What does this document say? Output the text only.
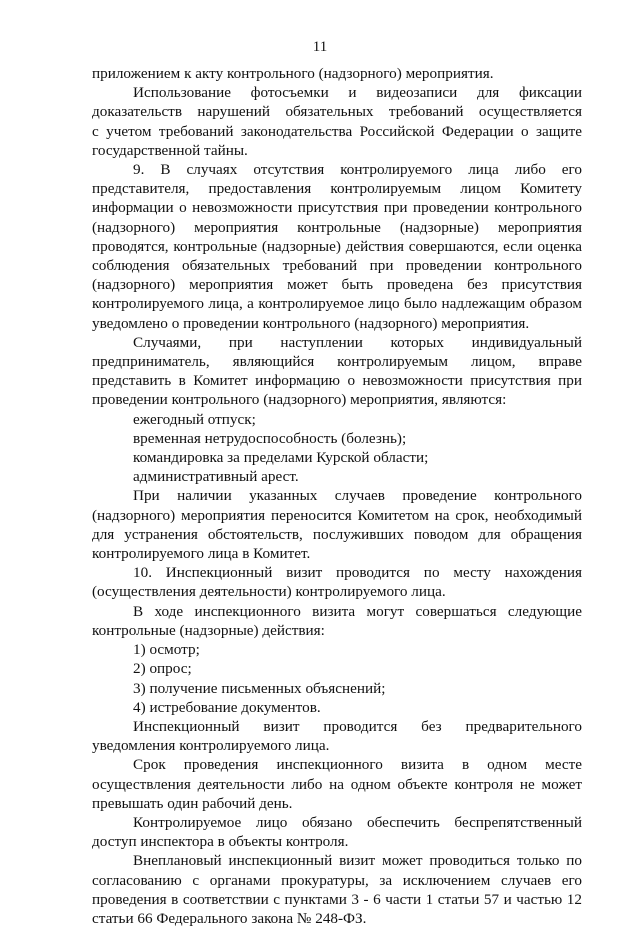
11
приложением к акту контрольного (надзорного) мероприятия.
Использование фотосъемки и видеозаписи для фиксации
доказательств нарушений обязательных требований осуществляется
с учетом требований законодательства Российской Федерации о защите
государственной тайны.
9. В случаях отсутствия контролируемого лица либо его
представителя, предоставления контролируемым лицом Комитету
информации о невозможности присутствия при проведении контрольного
(надзорного) мероприятия контрольные (надзорные) мероприятия
проводятся, контрольные (надзорные) действия совершаются, если оценка
соблюдения обязательных требований при проведении контрольного
(надзорного) мероприятия может быть проведена без присутствия
контролируемого лица, а контролируемое лицо было надлежащим образом
уведомлено о проведении контрольного (надзорного) мероприятия.
Случаями, при наступлении которых индивидуальный
предприниматель, являющийся контролируемым лицом, вправе
представить в Комитет информацию о невозможности присутствия при
проведении контрольного (надзорного) мероприятия, являются:
ежегодный отпуск;
временная нетрудоспособность (болезнь);
командировка за пределами Курской области;
административный арест.
При наличии указанных случаев проведение контрольного
(надзорного) мероприятия переносится Комитетом на срок, необходимый
для устранения обстоятельств, послуживших поводом для обращения
контролируемого лица в Комитет.
10. Инспекционный визит проводится по месту нахождения
(осуществления деятельности) контролируемого лица.
В ходе инспекционного визита могут совершаться следующие
контрольные (надзорные) действия:
1) осмотр;
2) опрос;
3) получение письменных объяснений;
4) истребование документов.
Инспекционный визит проводится без предварительного
уведомления контролируемого лица.
Срок проведения инспекционного визита в одном месте
осуществления деятельности либо на одном объекте контроля не может
превышать один рабочий день.
Контролируемое лицо обязано обеспечить беспрепятственный
доступ инспектора в объекты контроля.
Внеплановый инспекционный визит может проводиться только по
согласованию с органами прокуратуры, за исключением случаев его
проведения в соответствии с пунктами 3 - 6 части 1 статьи 57 и частью 12
статьи 66 Федерального закона № 248-ФЗ.
